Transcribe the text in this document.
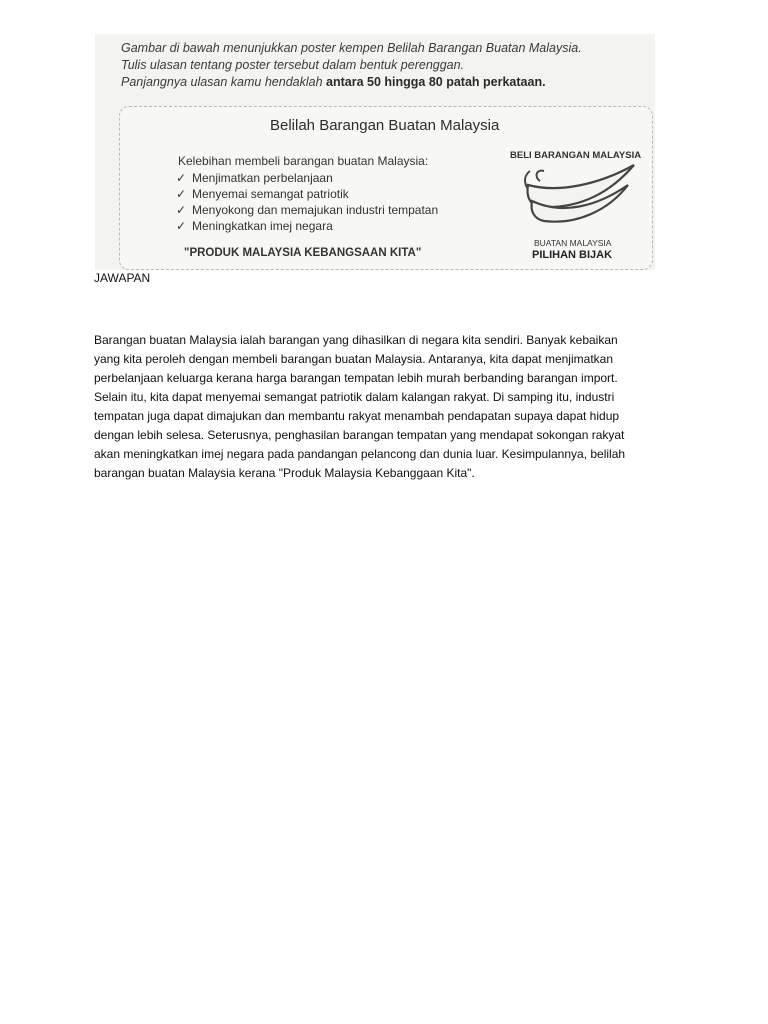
Gambar di bawah menunjukkan poster kempen Belilah Barangan Buatan Malaysia.
Tulis ulasan tentang poster tersebut dalam bentuk perenggan.
Panjangnya ulasan kamu hendaklah antara 50 hingga 80 patah perkataan.
Belilah Barangan Buatan Malaysia
Kelebihan membeli barangan buatan Malaysia:
✓ Menjimatkan perbelanjaan
✓ Menyemai semangat patriotik
✓ Menyokong dan memajukan industri tempatan
✓ Meningkatkan imej negara
"PRODUK MALAYSIA KEBANGSAAN KITA"
BELI BARANGAN MALAYSIA
BUATAN MALAYSIA
PILIHAN BIJAK
JAWAPAN

Barangan buatan Malaysia ialah barangan yang dihasilkan di negara kita sendiri. Banyak kebaikan
yang kita peroleh dengan membeli barangan buatan Malaysia. Antaranya, kita dapat menjimatkan
perbelanjaan keluarga kerana harga barangan tempatan lebih murah berbanding barangan import.
Selain itu, kita dapat menyemai semangat patriotik dalam kalangan rakyat. Di samping itu, industri
tempatan juga dapat dimajukan dan membantu rakyat menambah pendapatan supaya dapat hidup
dengan lebih selesa. Seterusnya, penghasilan barangan tempatan yang mendapat sokongan rakyat
akan meningkatkan imej negara pada pandangan pelancong dan dunia luar. Kesimpulannya, belilah
barangan buatan Malaysia kerana "Produk Malaysia Kebanggaan Kita".
